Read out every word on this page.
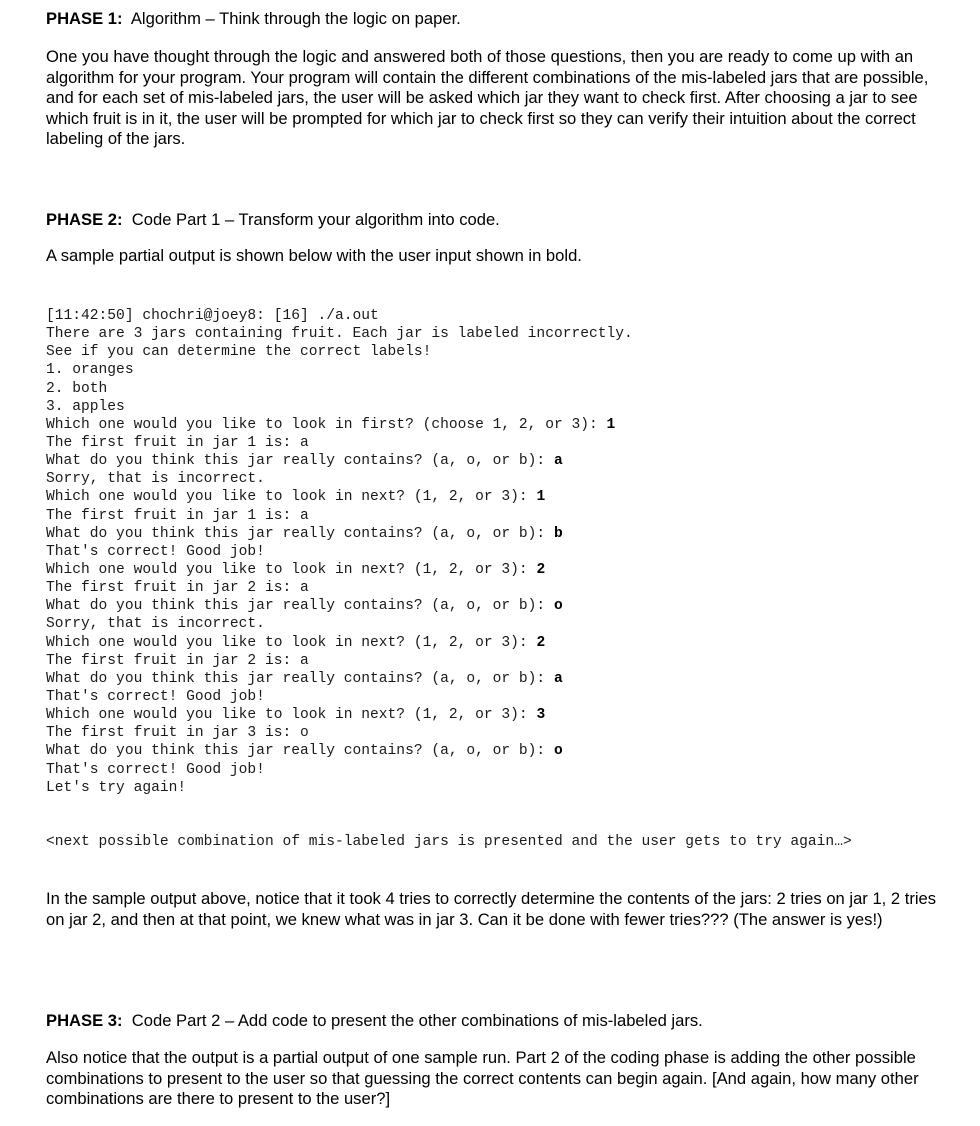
PHASE 1: Algorithm – Think through the logic on paper.

One you have thought through the logic and answered both of those questions, then you are ready to come up with an algorithm for your program. Your program will contain the different combinations of the mis-labeled jars that are possible, and for each set of mis-labeled jars, the user will be asked which jar they want to check first. After choosing a jar to see which fruit is in it, the user will be prompted for which jar to check first so they can verify their intuition about the correct labeling of the jars.

PHASE 2: Code Part 1 – Transform your algorithm into code.

A sample partial output is shown below with the user input shown in bold.

[11:42:50] chochri@joey8: [16] ./a.out
There are 3 jars containing fruit. Each jar is labeled incorrectly.
See if you can determine the correct labels!
1. oranges
2. both
3. apples
Which one would you like to look in first? (choose 1, 2, or 3): 1
The first fruit in jar 1 is: a
What do you think this jar really contains? (a, o, or b): a
Sorry, that is incorrect.
Which one would you like to look in next? (1, 2, or 3): 1
The first fruit in jar 1 is: a
What do you think this jar really contains? (a, o, or b): b
That's correct! Good job!
Which one would you like to look in next? (1, 2, or 3): 2
The first fruit in jar 2 is: a
What do you think this jar really contains? (a, o, or b): o
Sorry, that is incorrect.
Which one would you like to look in next? (1, 2, or 3): 2
The first fruit in jar 2 is: a
What do you think this jar really contains? (a, o, or b): a
That's correct! Good job!
Which one would you like to look in next? (1, 2, or 3): 3
The first fruit in jar 3 is: o
What do you think this jar really contains? (a, o, or b): o
That's correct! Good job!
Let's try again!

<next possible combination of mis-labeled jars is presented and the user gets to try again…>

In the sample output above, notice that it took 4 tries to correctly determine the contents of the jars: 2 tries on jar 1, 2 tries on jar 2, and then at that point, we knew what was in jar 3. Can it be done with fewer tries??? (The answer is yes!)

PHASE 3: Code Part 2 – Add code to present the other combinations of mis-labeled jars.

Also notice that the output is a partial output of one sample run. Part 2 of the coding phase is adding the other possible combinations to present to the user so that guessing the correct contents can begin again. [And again, how many other combinations are there to present to the user?]
